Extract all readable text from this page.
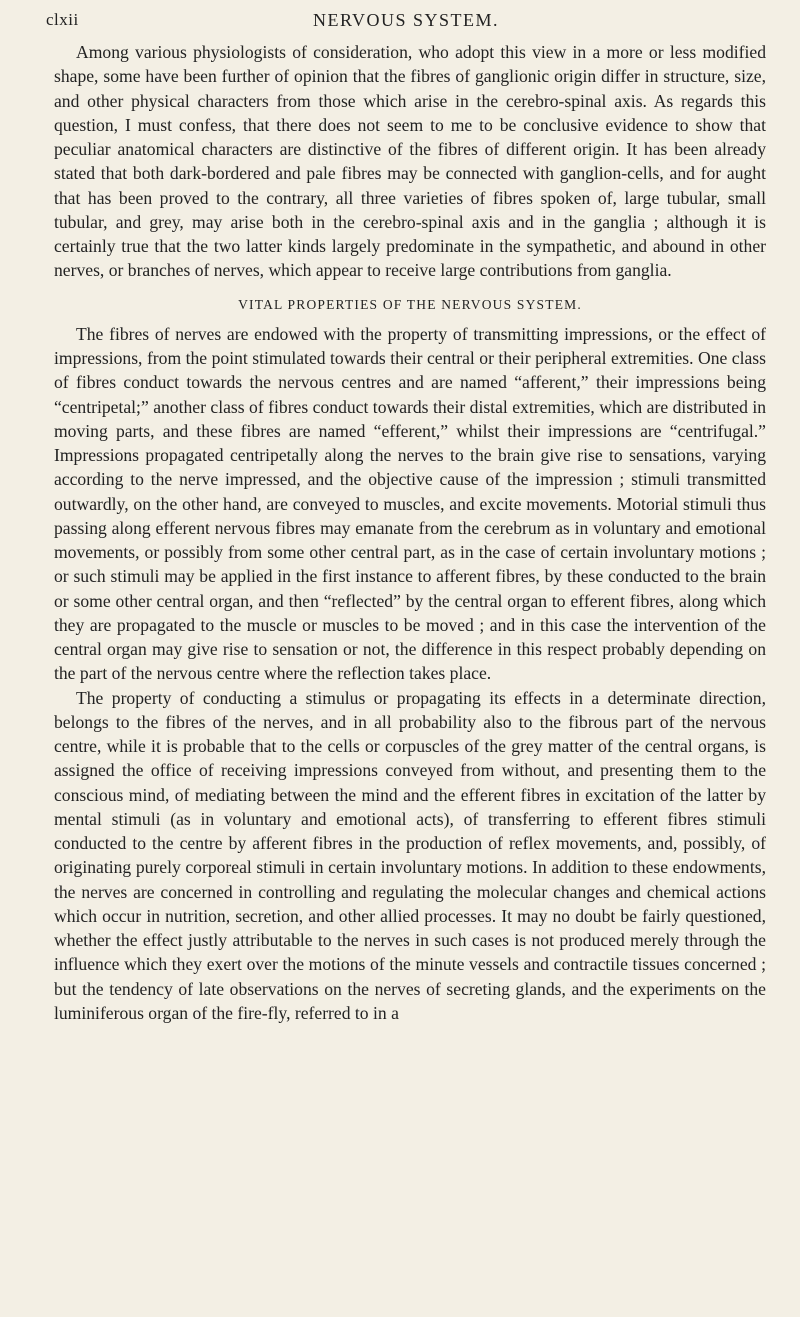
clxii	NERVOUS SYSTEM.

Among various physiologists of consideration, who adopt this view in a more or less modified shape, some have been further of opinion that the fibres of ganglionic origin differ in structure, size, and other physical characters from those which arise in the cerebro-spinal axis. As regards this question, I must confess, that there does not seem to me to be conclusive evidence to show that peculiar anatomical characters are distinctive of the fibres of different origin. It has been already stated that both dark-bordered and pale fibres may be connected with ganglion-cells, and for aught that has been proved to the contrary, all three varieties of fibres spoken of, large tubular, small tubular, and grey, may arise both in the cerebro-spinal axis and in the ganglia ; although it is certainly true that the two latter kinds largely predominate in the sympathetic, and abound in other nerves, or branches of nerves, which appear to receive large contributions from ganglia.

VITAL PROPERTIES OF THE NERVOUS SYSTEM.

The fibres of nerves are endowed with the property of transmitting impressions, or the effect of impressions, from the point stimulated towards their central or their peripheral extremities. One class of fibres conduct towards the nervous centres and are named “afferent,” their impressions being “centripetal;” another class of fibres conduct towards their distal extremities, which are distributed in moving parts, and these fibres are named “efferent,” whilst their impressions are “centrifugal.” Impressions propagated centripetally along the nerves to the brain give rise to sensations, varying according to the nerve impressed, and the objective cause of the impression ; stimuli transmitted outwardly, on the other hand, are conveyed to muscles, and excite movements. Motorial stimuli thus passing along efferent nervous fibres may emanate from the cerebrum as in voluntary and emotional movements, or possibly from some other central part, as in the case of certain involuntary motions ; or such stimuli may be applied in the first instance to afferent fibres, by these conducted to the brain or some other central organ, and then “reflected” by the central organ to efferent fibres, along which they are propagated to the muscle or muscles to be moved ; and in this case the intervention of the central organ may give rise to sensation or not, the difference in this respect probably depending on the part of the nervous centre where the reflection takes place.

The property of conducting a stimulus or propagating its effects in a determinate direction, belongs to the fibres of the nerves, and in all probability also to the fibrous part of the nervous centre, while it is probable that to the cells or corpuscles of the grey matter of the central organs, is assigned the office of receiving impressions conveyed from without, and presenting them to the conscious mind, of mediating between the mind and the efferent fibres in excitation of the latter by mental stimuli (as in voluntary and emotional acts), of transferring to efferent fibres stimuli conducted to the centre by afferent fibres in the production of reflex movements, and, possibly, of originating purely corporeal stimuli in certain involuntary motions. In addition to these endowments, the nerves are concerned in controlling and regulating the molecular changes and chemical actions which occur in nutrition, secretion, and other allied processes. It may no doubt be fairly questioned, whether the effect justly attributable to the nerves in such cases is not produced merely through the influence which they exert over the motions of the minute vessels and contractile tissues concerned ; but the tendency of late observations on the nerves of secreting glands, and the experiments on the luminiferous organ of the fire-fly, referred to in a
